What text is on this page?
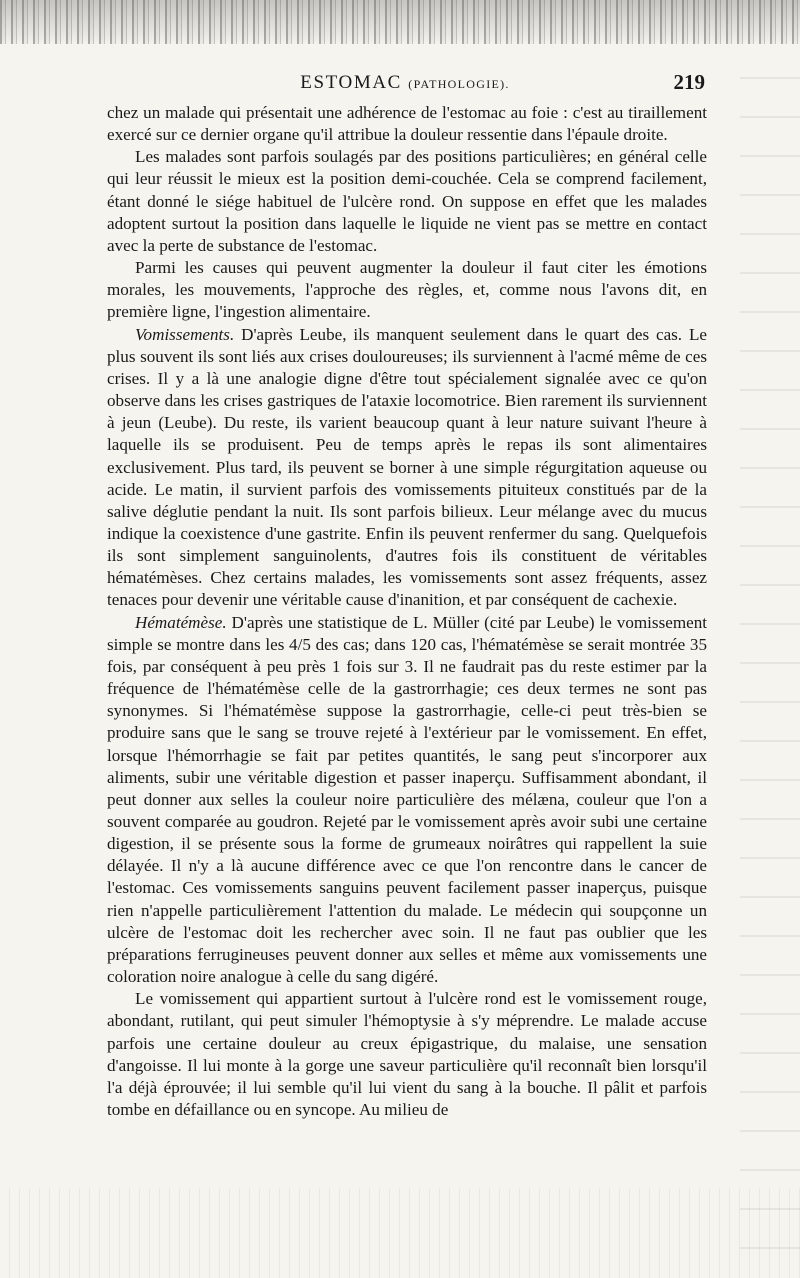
ESTOMAC (PATHOLOGIE).	219

chez un malade qui présentait une adhérence de l'estomac au foie : c'est au tiraillement exercé sur ce dernier organe qu'il attribue la douleur ressentie dans l'épaule droite.

Les malades sont parfois soulagés par des positions particulières; en général celle qui leur réussit le mieux est la position demi-couchée. Cela se comprend facilement, étant donné le siége habituel de l'ulcère rond. On suppose en effet que les malades adoptent surtout la position dans laquelle le liquide ne vient pas se mettre en contact avec la perte de substance de l'estomac.

Parmi les causes qui peuvent augmenter la douleur il faut citer les émotions morales, les mouvements, l'approche des règles, et, comme nous l'avons dit, en première ligne, l'ingestion alimentaire.

Vomissements. D'après Leube, ils manquent seulement dans le quart des cas. Le plus souvent ils sont liés aux crises douloureuses; ils surviennent à l'acmé même de ces crises. Il y a là une analogie digne d'être tout spécialement signalée avec ce qu'on observe dans les crises gastriques de l'ataxie locomotrice. Bien rarement ils surviennent à jeun (Leube). Du reste, ils varient beaucoup quant à leur nature suivant l'heure à laquelle ils se produisent. Peu de temps après le repas ils sont alimentaires exclusivement. Plus tard, ils peuvent se borner à une simple régurgitation aqueuse ou acide. Le matin, il survient parfois des vomissements pituiteux constitués par de la salive déglutie pendant la nuit. Ils sont parfois bilieux. Leur mélange avec du mucus indique la coexistence d'une gastrite. Enfin ils peuvent renfermer du sang. Quelquefois ils sont simplement sanguinolents, d'autres fois ils constituent de véritables hématémèses. Chez certains malades, les vomissements sont assez fréquents, assez tenaces pour devenir une véritable cause d'inanition, et par conséquent de cachexie.

Hématémèse. D'après une statistique de L. Müller (cité par Leube) le vomissement simple se montre dans les 4/5 des cas; dans 120 cas, l'hématémèse se serait montrée 35 fois, par conséquent à peu près 1 fois sur 3. Il ne faudrait pas du reste estimer par la fréquence de l'hématémèse celle de la gastrorrhagie; ces deux termes ne sont pas synonymes. Si l'hématémèse suppose la gastrorrhagie, celle-ci peut très-bien se produire sans que le sang se trouve rejeté à l'extérieur par le vomissement. En effet, lorsque l'hémorrhagie se fait par petites quantités, le sang peut s'incorporer aux aliments, subir une véritable digestion et passer inaperçu. Suffisamment abondant, il peut donner aux selles la couleur noire particulière des mélæna, couleur que l'on a souvent comparée au goudron. Rejeté par le vomissement après avoir subi une certaine digestion, il se présente sous la forme de grumeaux noirâtres qui rappellent la suie délayée. Il n'y a là aucune différence avec ce que l'on rencontre dans le cancer de l'estomac. Ces vomissements sanguins peuvent facilement passer inaperçus, puisque rien n'appelle particulièrement l'attention du malade. Le médecin qui soupçonne un ulcère de l'estomac doit les rechercher avec soin. Il ne faut pas oublier que les préparations ferrugineuses peuvent donner aux selles et même aux vomissements une coloration noire analogue à celle du sang digéré.

Le vomissement qui appartient surtout à l'ulcère rond est le vomissement rouge, abondant, rutilant, qui peut simuler l'hémoptysie à s'y méprendre. Le malade accuse parfois une certaine douleur au creux épigastrique, du malaise, une sensation d'angoisse. Il lui monte à la gorge une saveur particulière qu'il reconnaît bien lorsqu'il l'a déjà éprouvée; il lui semble qu'il lui vient du sang à la bouche. Il pâlit et parfois tombe en défaillance ou en syncope. Au milieu de
